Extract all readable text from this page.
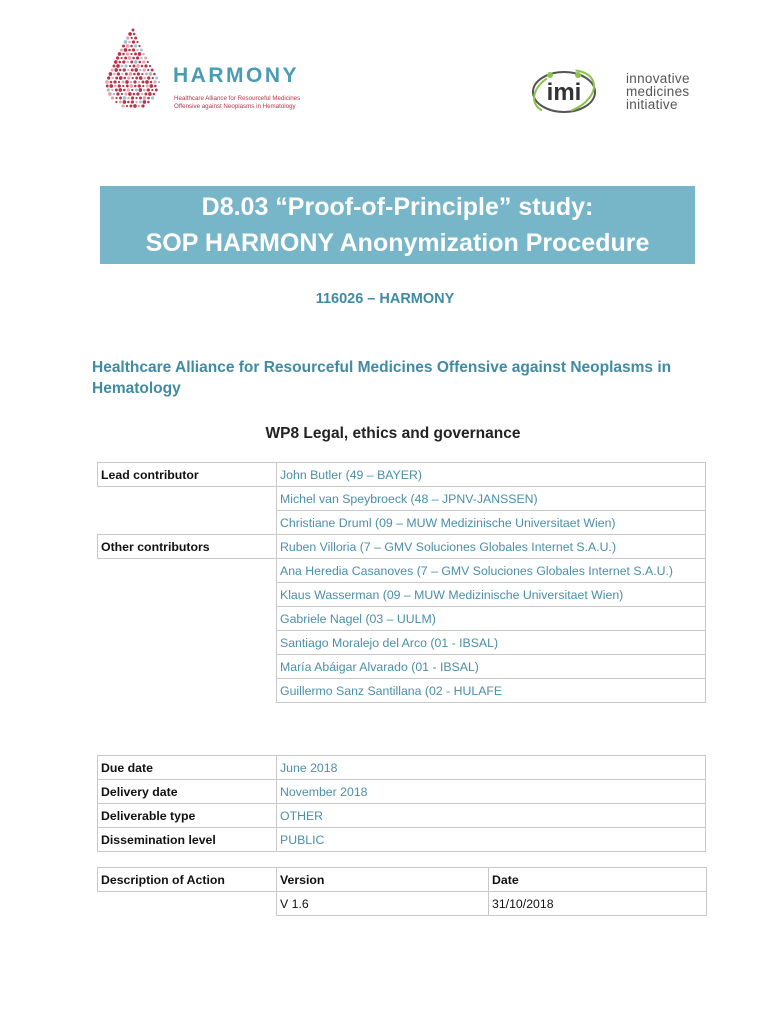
HARMONY
Healthcare Alliance for Resourceful Medicines
Offensive against Neoplasms in Hematology
imi
innovative
medicines
initiative
D8.03 “Proof-of-Principle” study:
SOP HARMONY Anonymization Procedure
116026 – HARMONY
Healthcare Alliance for Resourceful Medicines Offensive against Neoplasms in Hematology
WP8 Legal, ethics and governance
Lead contributor	John Butler (49 – BAYER)
	Michel van Speybroeck (48 – JPNV-JANSSEN)
	Christiane Druml (09 – MUW Medizinische Universitaet Wien)
Other contributors	Ruben Villoria (7 – GMV Soluciones Globales Internet S.A.U.)
	Ana Heredia Casanoves (7 – GMV Soluciones Globales Internet S.A.U.)
	Klaus Wasserman (09 – MUW Medizinische Universitaet Wien)
	Gabriele Nagel (03 – UULM)
	Santiago Moralejo del Arco (01 - IBSAL)
	María Abáigar Alvarado (01 - IBSAL)
	Guillermo Sanz Santillana (02 - HULAFE
Due date	June 2018
Delivery date	November 2018
Deliverable type	OTHER
Dissemination level	PUBLIC
Description of Action	Version	Date
	V 1.6	31/10/2018
